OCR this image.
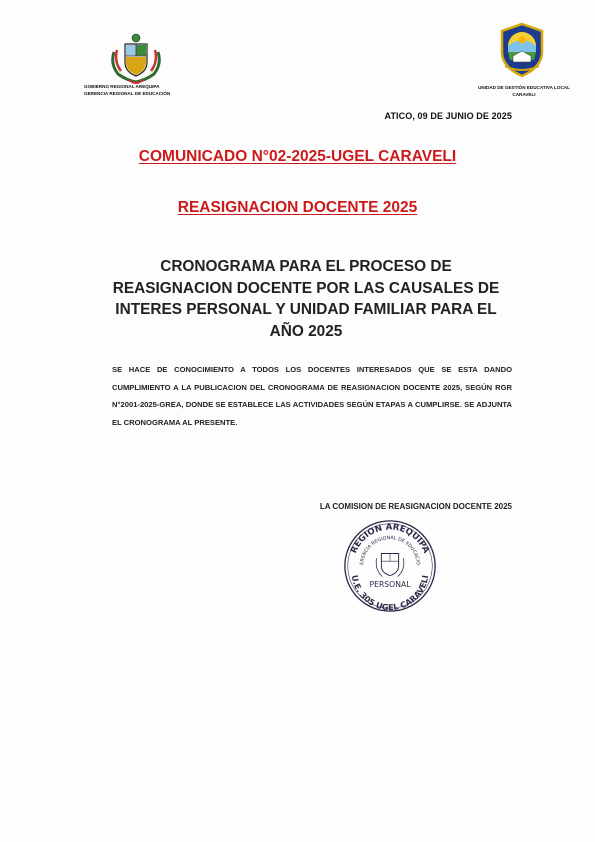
GOBIERNO REGIONAL AREQUIPA
GERENCIA REGIONAL DE EDUCACIÓN
UNIDAD DE GESTIÓN EDUCATIVA LOCAL
CARAVELI
ATICO, 09 DE JUNIO DE 2025
COMUNICADO N°02-2025-UGEL CARAVELI
REASIGNACION DOCENTE 2025
CRONOGRAMA PARA EL PROCESO DE
REASIGNACION DOCENTE POR LAS CAUSALES DE
INTERES PERSONAL Y UNIDAD FAMILIAR PARA EL
AÑO 2025
SE HACE DE CONOCIMIENTO A TODOS LOS DOCENTES INTERESADOS QUE SE ESTA DANDO CUMPLIMIENTO A LA PUBLICACION DEL CRONOGRAMA DE REASIGNACION DOCENTE 2025, SEGÚN RGR N°2001-2025-GREA, DONDE SE ESTABLECE LAS ACTIVIDADES SEGÚN ETAPAS A CUMPLIRSE. SE ADJUNTA EL CRONOGRAMA AL PRESENTE.
LA COMISION DE REASIGNACION DOCENTE 2025
REGION AREQUIPA
ERENCIA REGIONAL DE EDUCACIO
PERSONAL
U.E. 305 UGEL CARAVELI
